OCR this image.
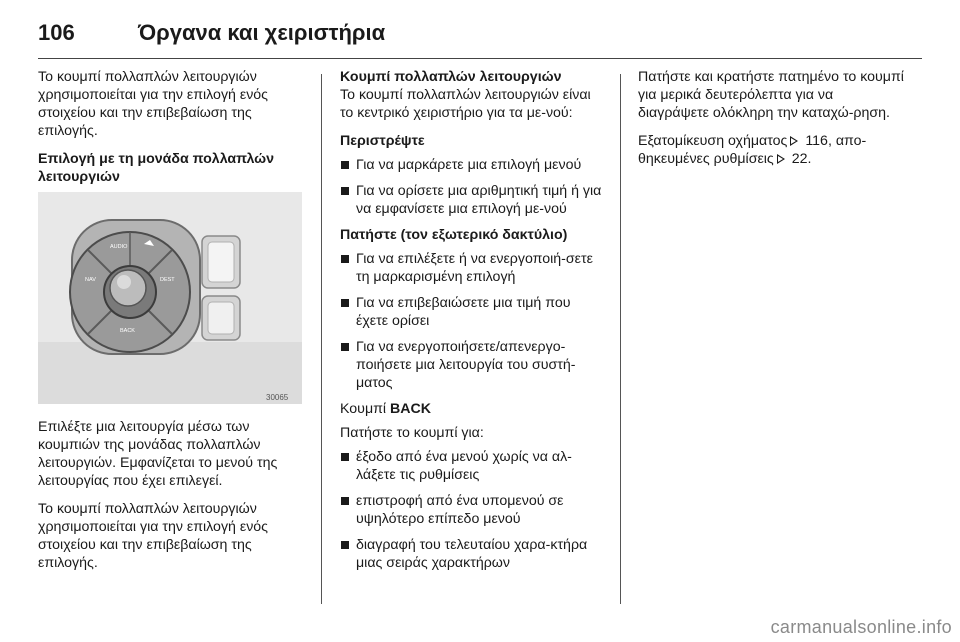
106	Όργανα και χειριστήρια

Το κουμπί πολλαπλών λειτουργιών χρησιμοποιείται για την επιλογή ενός στοιχείου και την επιβεβαίωση της επιλογής.

Επιλογή με τη μονάδα πολλαπλών λειτουργιών
AUDIO
NAV	DEST
BACK
30065

Επιλέξτε μια λειτουργία μέσω των κουμπιών της μονάδας πολλαπλών λειτουργιών. Εμφανίζεται το μενού της λειτουργίας που έχει επιλεγεί.

Το κουμπί πολλαπλών λειτουργιών χρησιμοποιείται για την επιλογή ενός στοιχείου και την επιβεβαίωση της επιλογής.

Κουμπί πολλαπλών λειτουργιών

Το κουμπί πολλαπλών λειτουργιών είναι το κεντρικό χειριστήριο για τα με‐νού:

Περιστρέψτε
Για να μαρκάρετε μια επιλογή μενού
Για να ορίσετε μια αριθμητική τιμή ή για να εμφανίσετε μια επιλογή με‐νού
Πατήστε (τον εξωτερικό δακτύλιο)
Για να επιλέξετε ή να ενεργοποιή‐σετε τη μαρκαρισμένη επιλογή
Για να επιβεβαιώσετε μια τιμή που έχετε ορίσει
Για να ενεργοποιήσετε/απενεργο‐ποιήσετε μια λειτουργία του συστή‐ματος

Κουμπί BACK

Πατήστε το κουμπί για:

έξοδο από ένα μενού χωρίς να αλ‐λάξετε τις ρυθμίσεις
επιστροφή από ένα υπομενού σε υψηλότερο επίπεδο μενού
διαγραφή του τελευταίου χαρα‐κτήρα μιας σειράς χαρακτήρων

Πατήστε και κρατήστε πατημένο το κουμπί για μερικά δευτερόλεπτα για να διαγράψετε ολόκληρη την καταχώ‐ρηση.

Εξατομίκευση οχήματος 116, απο‐θηκευμένες ρυθμίσεις 22.

carmanualsonline.info
